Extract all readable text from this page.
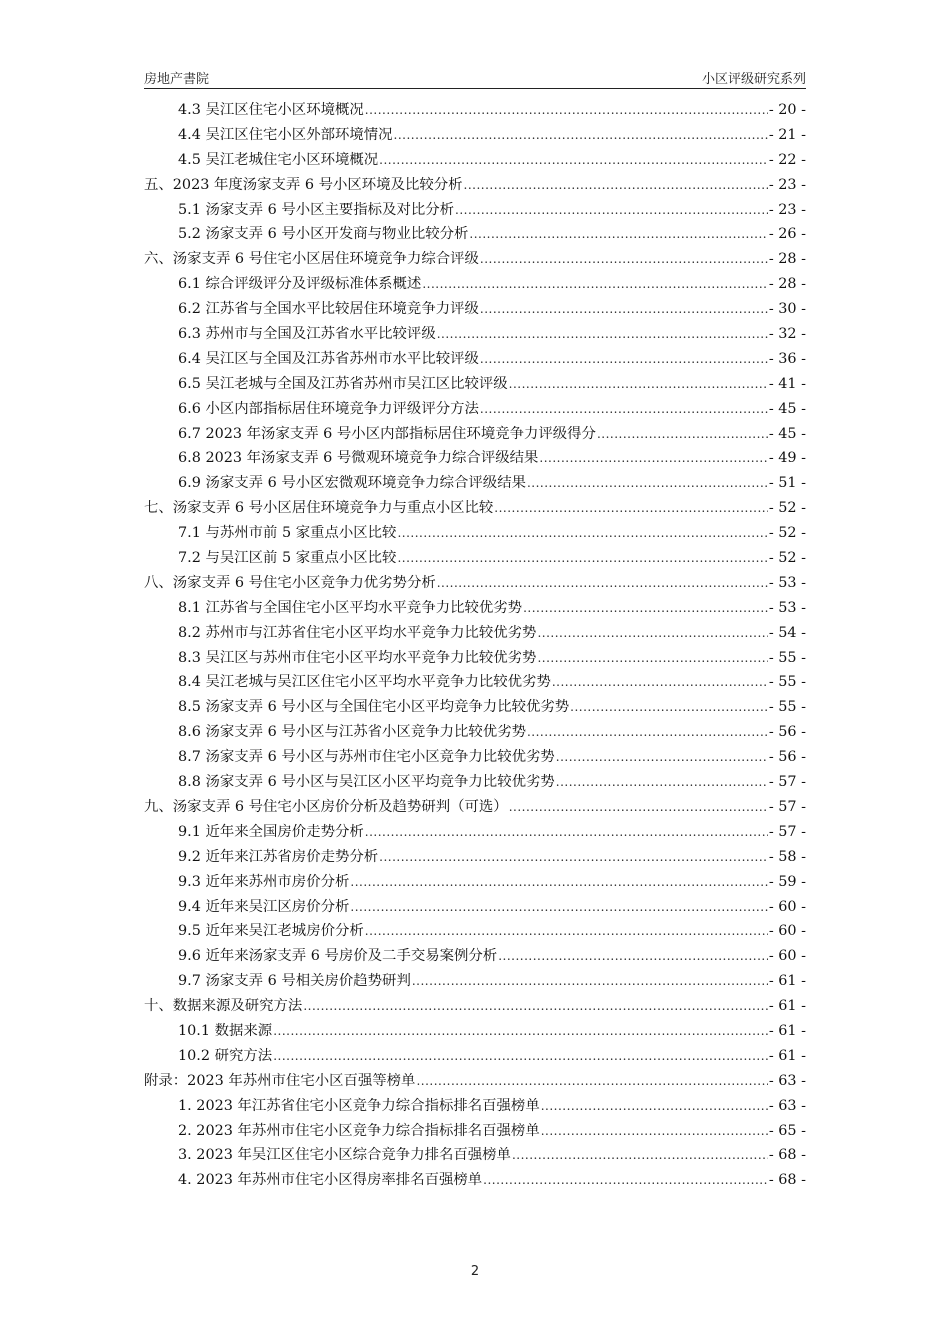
房地产書院	小区评级研究系列
4.3 吴江区住宅小区环境概况 .....	- 20 -
4.4 吴江区住宅小区外部环境情况 .....	- 21 -
4.5 吴江老城住宅小区环境概况 .....	- 22 -
五、2023 年度汤家支弄 6 号小区环境及比较分析 .....	- 23 -
5.1 汤家支弄 6 号小区主要指标及对比分析 .....	- 23 -
5.2 汤家支弄 6 号小区开发商与物业比较分析 .....	- 26 -
六、汤家支弄 6 号住宅小区居住环境竞争力综合评级 .....	- 28 -
6.1 综合评级评分及评级标准体系概述 .....	- 28 -
6.2 江苏省与全国水平比较居住环境竞争力评级 .....	- 30 -
6.3 苏州市与全国及江苏省水平比较评级 .....	- 32 -
6.4 吴江区与全国及江苏省苏州市水平比较评级 .....	- 36 -
6.5 吴江老城与全国及江苏省苏州市吴江区比较评级 .....	- 41 -
6.6 小区内部指标居住环境竞争力评级评分方法 .....	- 45 -
6.7 2023 年汤家支弄 6 号小区内部指标居住环境竞争力评级得分 .....	- 45 -
6.8 2023 年汤家支弄 6 号微观环境竞争力综合评级结果 .....	- 49 -
6.9 汤家支弄 6 号小区宏微观环境竞争力综合评级结果 .....	- 51 -
七、汤家支弄 6 号小区居住环境竞争力与重点小区比较 .....	- 52 -
7.1 与苏州市前 5 家重点小区比较 .....	- 52 -
7.2 与吴江区前 5 家重点小区比较 .....	- 52 -
八、汤家支弄 6 号住宅小区竞争力优劣势分析 .....	- 53 -
8.1 江苏省与全国住宅小区平均水平竞争力比较优劣势 .....	- 53 -
8.2 苏州市与江苏省住宅小区平均水平竞争力比较优劣势 .....	- 54 -
8.3 吴江区与苏州市住宅小区平均水平竞争力比较优劣势 .....	- 55 -
8.4 吴江老城与吴江区住宅小区平均水平竞争力比较优劣势 .....	- 55 -
8.5 汤家支弄 6 号小区与全国住宅小区平均竞争力比较优劣势 .....	- 55 -
8.6 汤家支弄 6 号小区与江苏省小区竞争力比较优劣势 .....	- 56 -
8.7 汤家支弄 6 号小区与苏州市住宅小区竞争力比较优劣势 .....	- 56 -
8.8 汤家支弄 6 号小区与吴江区小区平均竞争力比较优劣势 .....	- 57 -
九、汤家支弄 6 号住宅小区房价分析及趋势研判（可选） .....	- 57 -
9.1 近年来全国房价走势分析 .....	- 57 -
9.2 近年来江苏省房价走势分析 .....	- 58 -
9.3 近年来苏州市房价分析 .....	- 59 -
9.4 近年来吴江区房价分析 .....	- 60 -
9.5 近年来吴江老城房价分析 .....	- 60 -
9.6 近年来汤家支弄 6 号房价及二手交易案例分析 .....	- 60 -
9.7 汤家支弄 6 号相关房价趋势研判 .....	- 61 -
十、数据来源及研究方法 .....	- 61 -
10.1 数据来源 .....	- 61 -
10.2 研究方法 .....	- 61 -
附录：2023 年苏州市住宅小区百强等榜单 .....	- 63 -
1. 2023 年江苏省住宅小区竞争力综合指标排名百强榜单 .....	- 63 -
2. 2023 年苏州市住宅小区竞争力综合指标排名百强榜单 .....	- 65 -
3. 2023 年吴江区住宅小区综合竞争力排名百强榜单 .....	- 68 -
4. 2023 年苏州市住宅小区得房率排名百强榜单 .....	- 68 -
2
